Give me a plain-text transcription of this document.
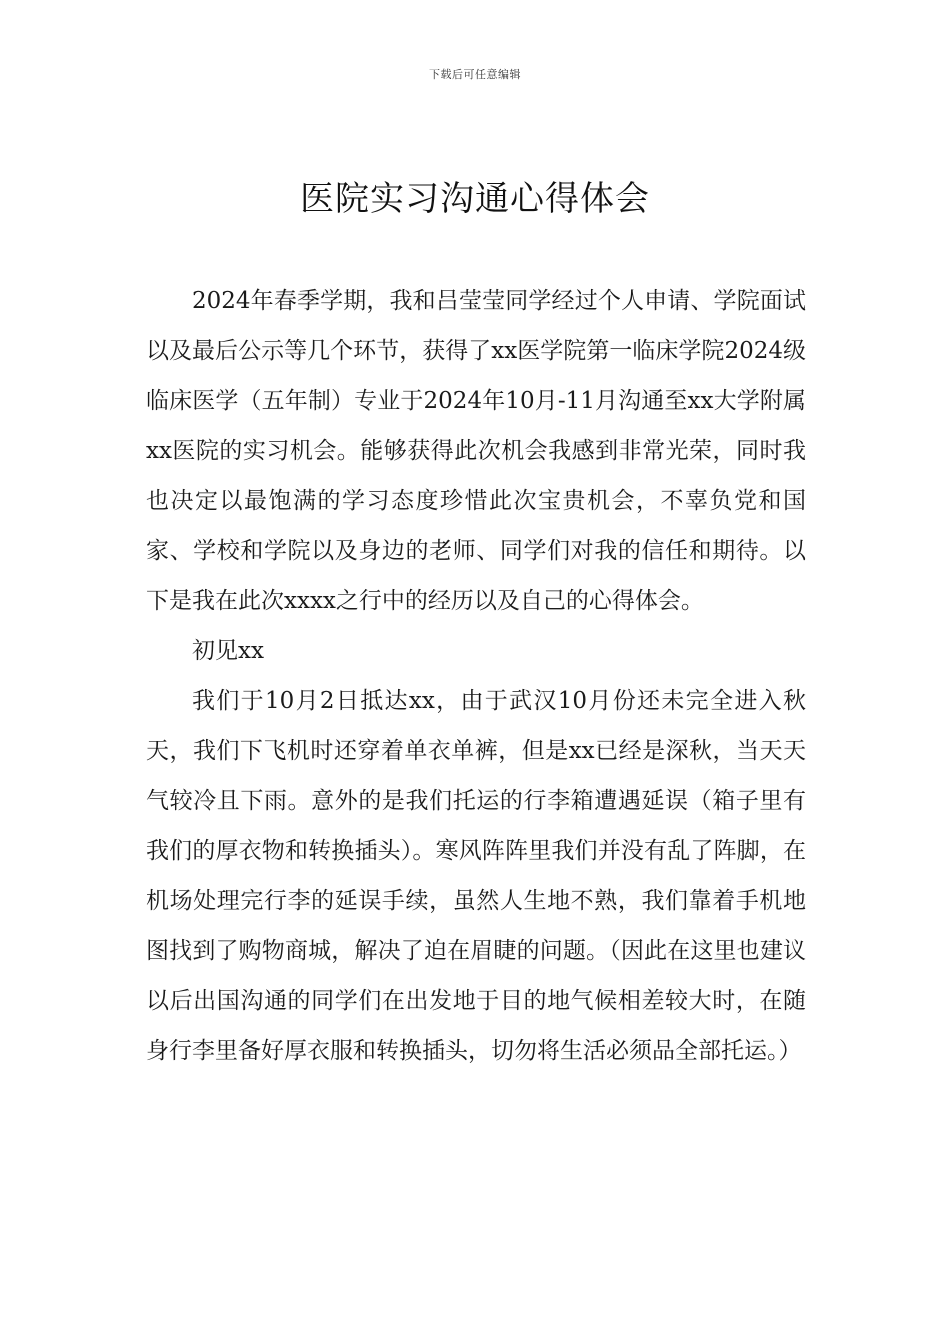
下载后可任意编辑
医院实习沟通心得体会

2024年春季学期，我和吕莹莹同学经过个人申请、学院面试以及最后公示等几个环节，获得了xx医学院第一临床学院2024级临床医学（五年制）专业于2024年10月-11月沟通至xx大学附属xx医院的实习机会。能够获得此次机会我感到非常光荣，同时我也决定以最饱满的学习态度珍惜此次宝贵机会，不辜负党和国家、学校和学院以及身边的老师、同学们对我的信任和期待。以下是我在此次xxxx之行中的经历以及自己的心得体会。

初见xx

我们于10月2日抵达xx，由于武汉10月份还未完全进入秋天，我们下飞机时还穿着单衣单裤，但是xx已经是深秋，当天天气较冷且下雨。意外的是我们托运的行李箱遭遇延误（箱子里有我们的厚衣物和转换插头）。寒风阵阵里我们并没有乱了阵脚，在机场处理完行李的延误手续，虽然人生地不熟，我们靠着手机地图找到了购物商城，解决了迫在眉睫的问题。（因此在这里也建议以后出国沟通的同学们在出发地于目的地气候相差较大时，在随身行李里备好厚衣服和转换插头，切勿将生活必须品全部托运。）
